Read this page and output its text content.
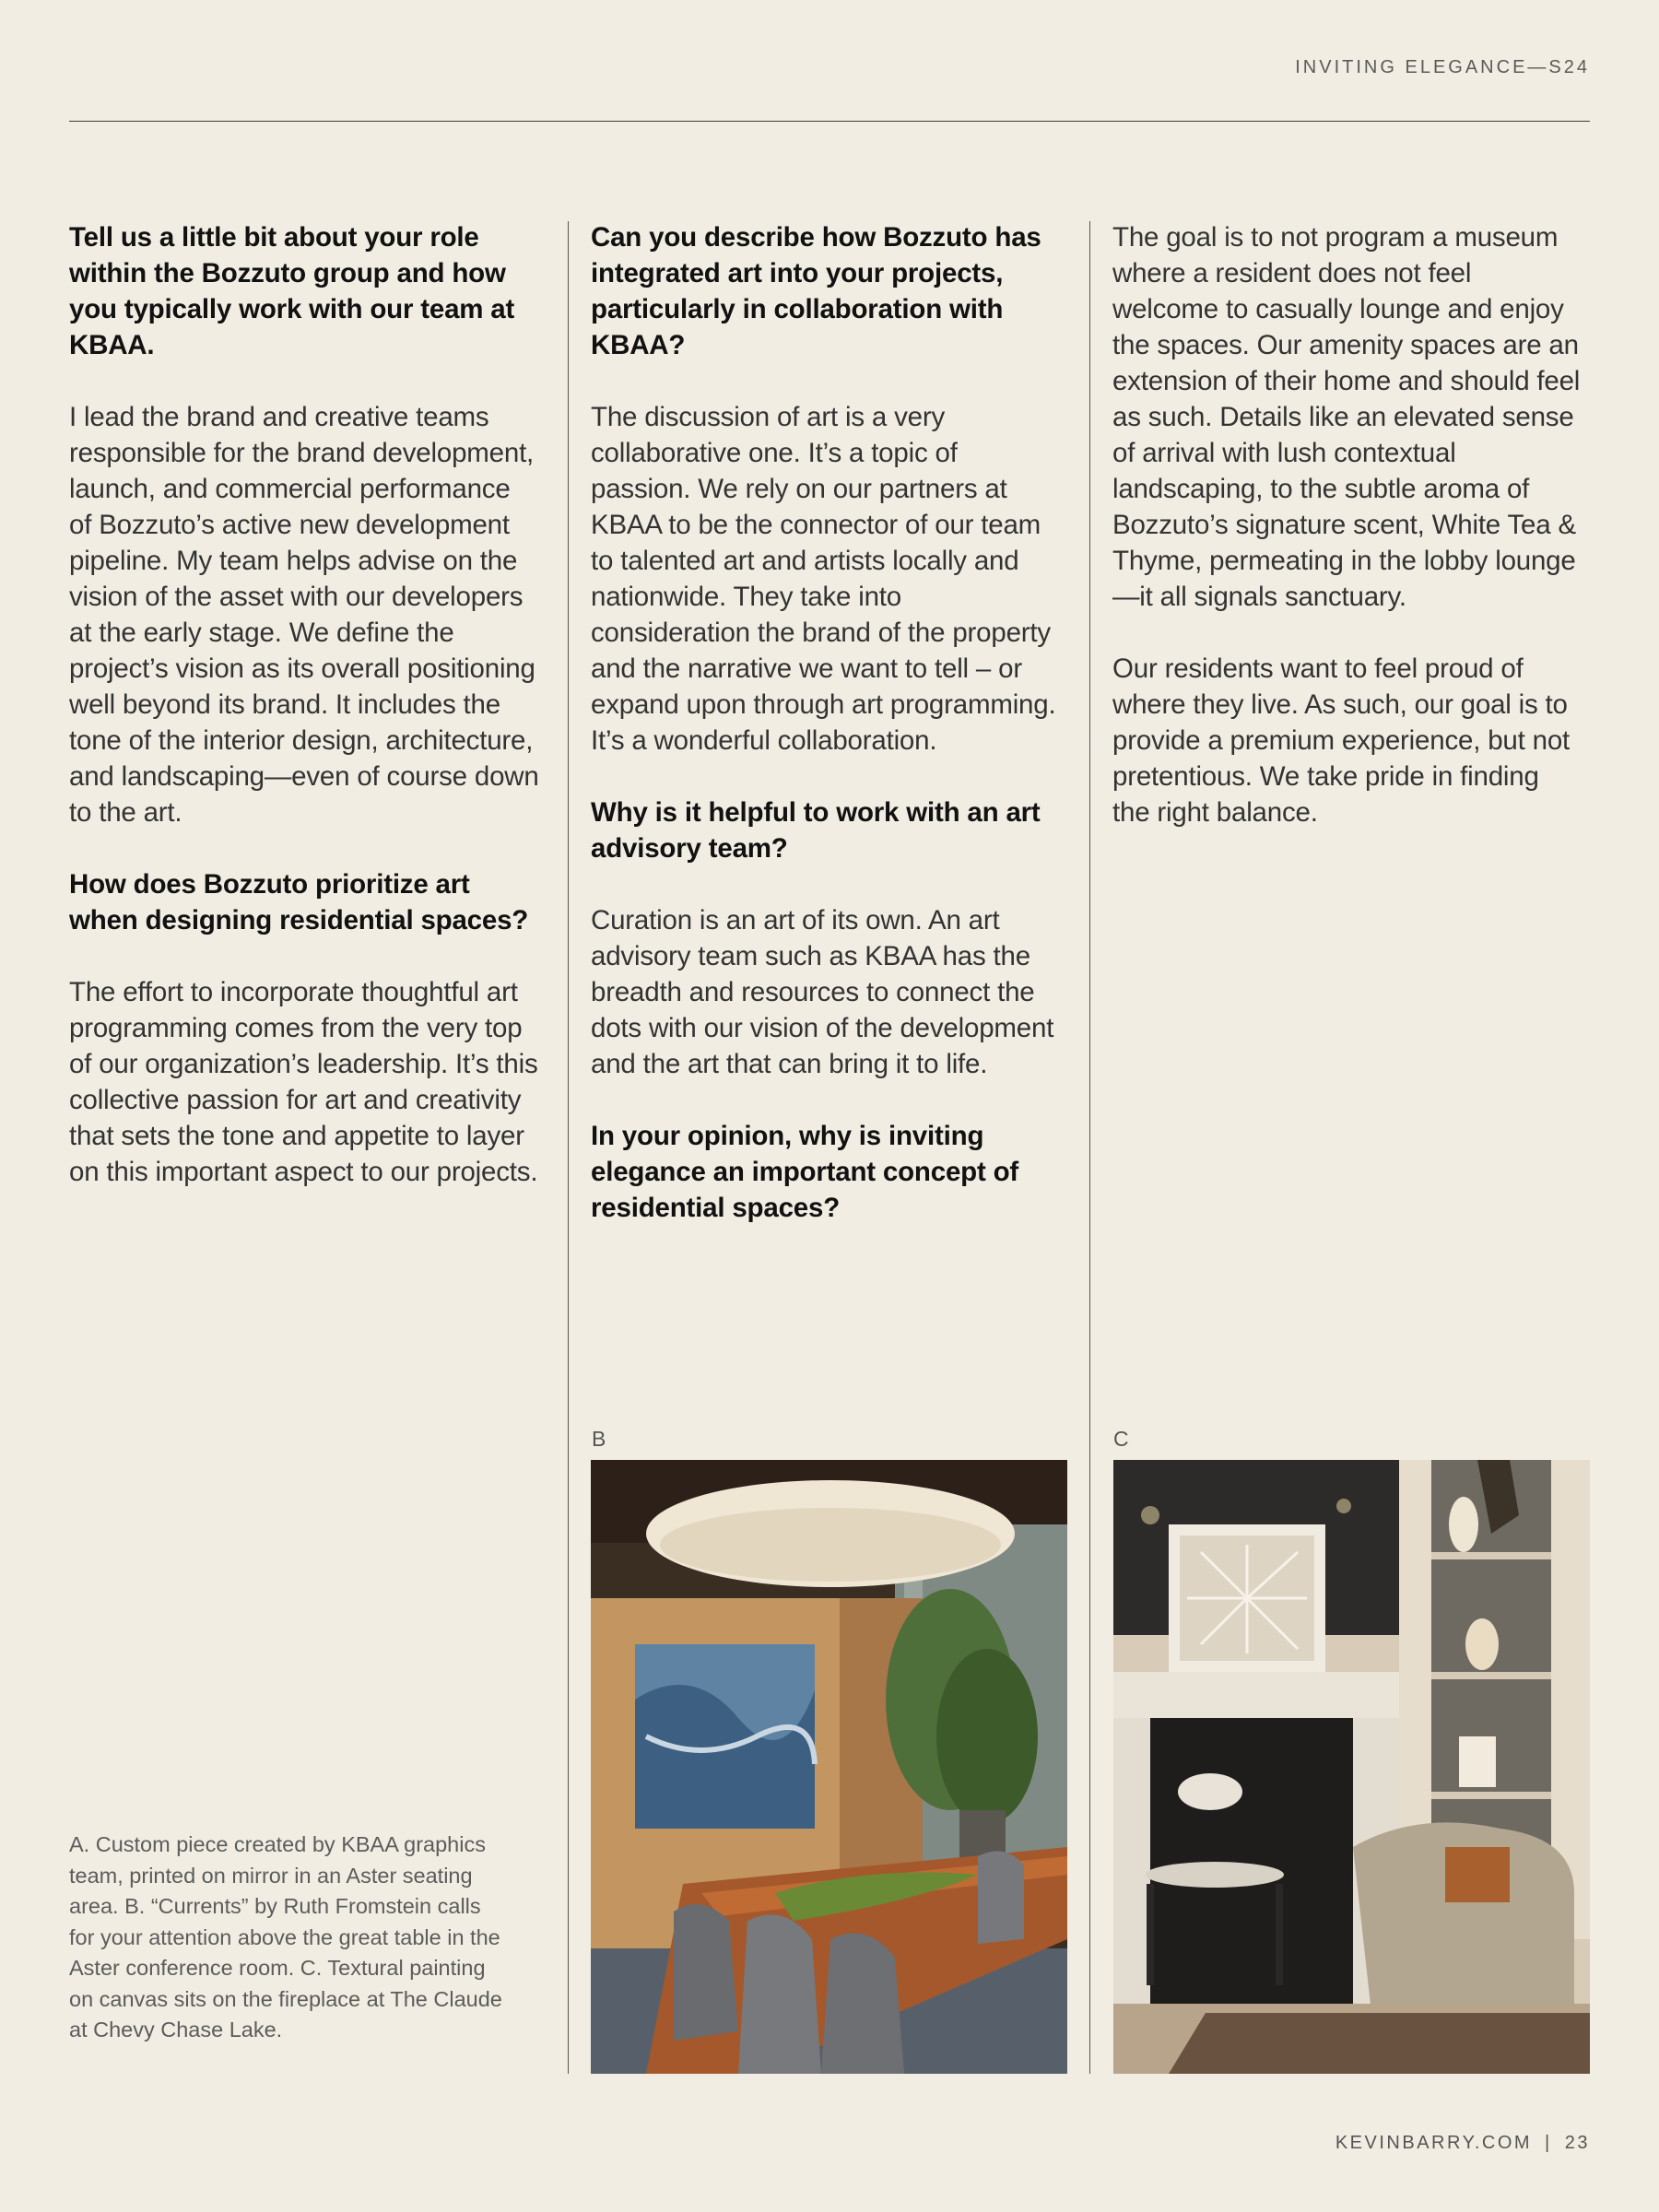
INVITING ELEGANCE—S24

Tell us a little bit about your role within the Bozzuto group and how you typically work with our team at KBAA.

I lead the brand and creative teams responsible for the brand development, launch, and commercial performance of Bozzuto’s active new development pipeline. My team helps advise on the vision of the asset with our developers at the early stage. We define the project’s vision as its overall positioning well beyond its brand. It includes the tone of the interior design, architecture, and landscaping—even of course down to the art.

How does Bozzuto prioritize art when designing residential spaces?

The effort to incorporate thoughtful art programming comes from the very top of our organization’s leadership. It’s this collective passion for art and creativity that sets the tone and appetite to layer on this important aspect to our projects.

Can you describe how Bozzuto has integrated art into your projects, particularly in collaboration with KBAA?

The discussion of art is a very collaborative one. It’s a topic of passion. We rely on our partners at KBAA to be the connector of our team to talented art and artists locally and nationwide. They take into consideration the brand of the property and the narrative we want to tell – or expand upon through art programming. It’s a wonderful collaboration.

Why is it helpful to work with an art advisory team?

Curation is an art of its own. An art advisory team such as KBAA has the breadth and resources to connect the dots with our vision of the development and the art that can bring it to life.

In your opinion, why is inviting elegance an important concept of residential spaces?

The goal is to not program a museum where a resident does not feel welcome to casually lounge and enjoy the spaces. Our amenity spaces are an extension of their home and should feel as such. Details like an elevated sense of arrival with lush contextual landscaping, to the subtle aroma of Bozzuto’s signature scent, White Tea & Thyme, permeating in the lobby lounge—it all signals sanctuary.

Our residents want to feel proud of where they live. As such, our goal is to provide a premium experience, but not pretentious. We take pride in finding the right balance.

A. Custom piece created by KBAA graphics team, printed on mirror in an Aster seating area. B. “Currents” by Ruth Fromstein calls for your attention above the great table in the Aster conference room. C. Textural painting on canvas sits on the fireplace at The Claude at Chevy Chase Lake.
B	C
KEVINBARRY.COM | 23
